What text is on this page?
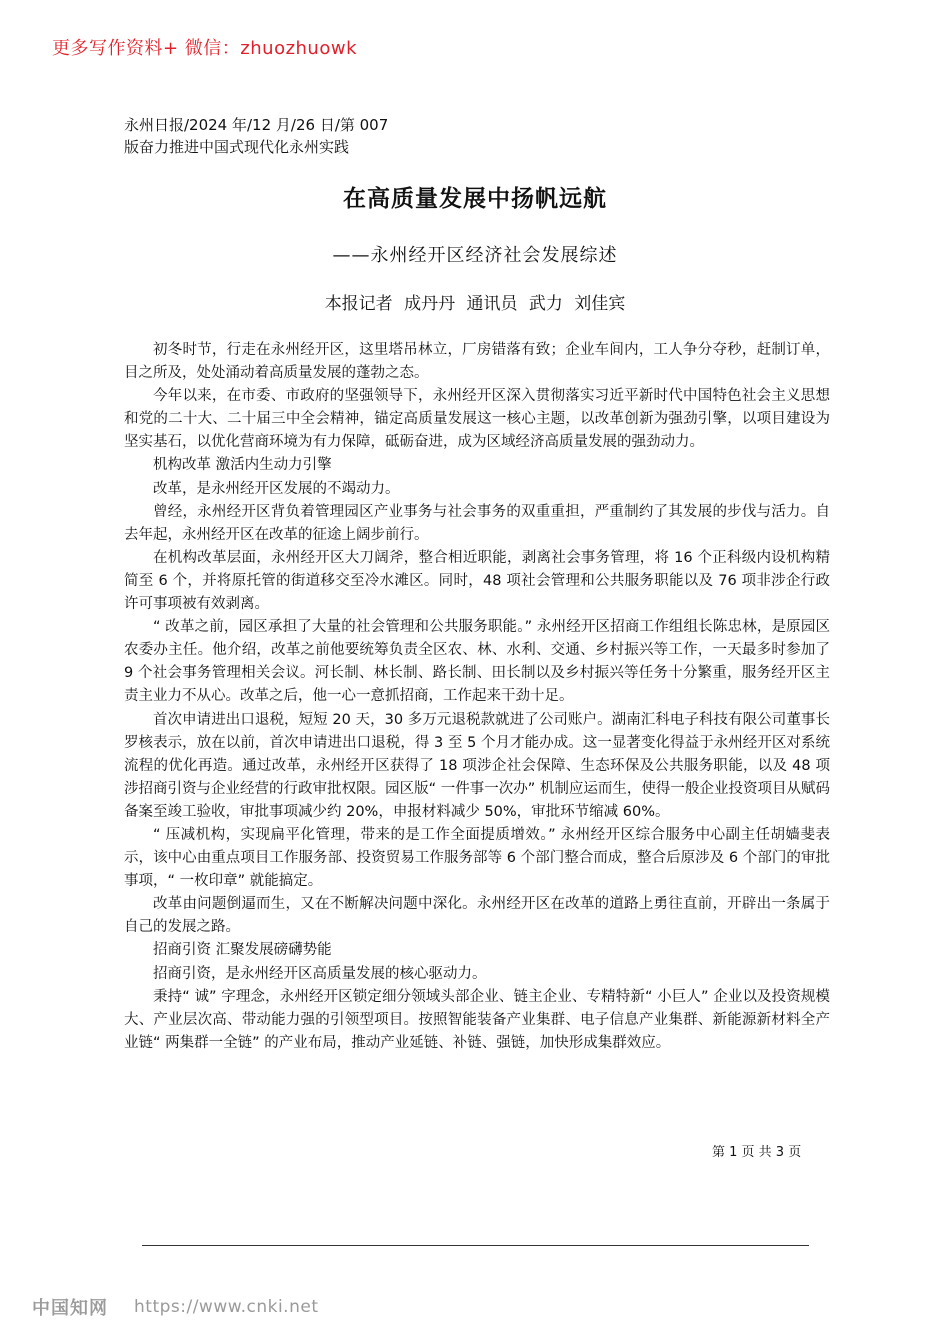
更多写作资料+ 微信：zhuozhuowk
永州日报/2024 年/12 月/26 日/第 007
版奋力推进中国式现代化永州实践
在高质量发展中扬帆远航
——永州经开区经济社会发展综述
本报记者 成丹丹 通讯员 武力 刘佳宾

初冬时节，行走在永州经开区，这里塔吊林立，厂房错落有致；企业车间内，工人争分夺秒，赶制订单，目之所及，处处涌动着高质量发展的蓬勃之态。

今年以来，在市委、市政府的坚强领导下，永州经开区深入贯彻落实习近平新时代中国特色社会主义思想和党的二十大、二十届三中全会精神，锚定高质量发展这一核心主题，以改革创新为强劲引擎，以项目建设为坚实基石，以优化营商环境为有力保障，砥砺奋进，成为区域经济高质量发展的强劲动力。

机构改革 激活内生动力引擎

改革，是永州经开区发展的不竭动力。

曾经，永州经开区背负着管理园区产业事务与社会事务的双重重担，严重制约了其发展的步伐与活力。自去年起，永州经开区在改革的征途上阔步前行。

在机构改革层面，永州经开区大刀阔斧，整合相近职能，剥离社会事务管理，将 16 个正科级内设机构精简至 6 个，并将原托管的街道移交至冷水滩区。同时，48 项社会管理和公共服务职能以及 76 项非涉企行政许可事项被有效剥离。

“ 改革之前，园区承担了大量的社会管理和公共服务职能。” 永州经开区招商工作组组长陈忠林，是原园区农委办主任。他介绍，改革之前他要统筹负责全区农、林、水利、交通、乡村振兴等工作，一天最多时参加了 9 个社会事务管理相关会议。河长制、林长制、路长制、田长制以及乡村振兴等任务十分繁重，服务经开区主责主业力不从心。改革之后，他一心一意抓招商，工作起来干劲十足。

首次申请进出口退税，短短 20 天，30 多万元退税款就进了公司账户。湖南汇科电子科技有限公司董事长罗核表示，放在以前，首次申请进出口退税，得 3 至 5 个月才能办成。这一显著变化得益于永州经开区对系统流程的优化再造。通过改革，永州经开区获得了 18 项涉企社会保障、生态环保及公共服务职能，以及 48 项涉招商引资与企业经营的行政审批权限。园区版“ 一件事一次办” 机制应运而生，使得一般企业投资项目从赋码备案至竣工验收，审批事项减少约 20%，申报材料减少 50%，审批环节缩减 60%。

“ 压减机构，实现扁平化管理，带来的是工作全面提质增效。” 永州经开区综合服务中心副主任胡嫱斐表示，该中心由重点项目工作服务部、投资贸易工作服务部等 6 个部门整合而成，整合后原涉及 6 个部门的审批事项，“ 一枚印章” 就能搞定。

改革由问题倒逼而生，又在不断解决问题中深化。永州经开区在改革的道路上勇往直前，开辟出一条属于自己的发展之路。

招商引资 汇聚发展磅礴势能

招商引资，是永州经开区高质量发展的核心驱动力。

秉持“ 诚” 字理念，永州经开区锁定细分领域头部企业、链主企业、专精特新“ 小巨人” 企业以及投资规模大、产业层次高、带动能力强的引领型项目。按照智能装备产业集群、电子信息产业集群、新能源新材料全产业链“ 两集群一全链” 的产业布局，推动产业延链、补链、强链，加快形成集群效应。

第 1 页 共 3 页
中国知网 https://www.cnki.net
